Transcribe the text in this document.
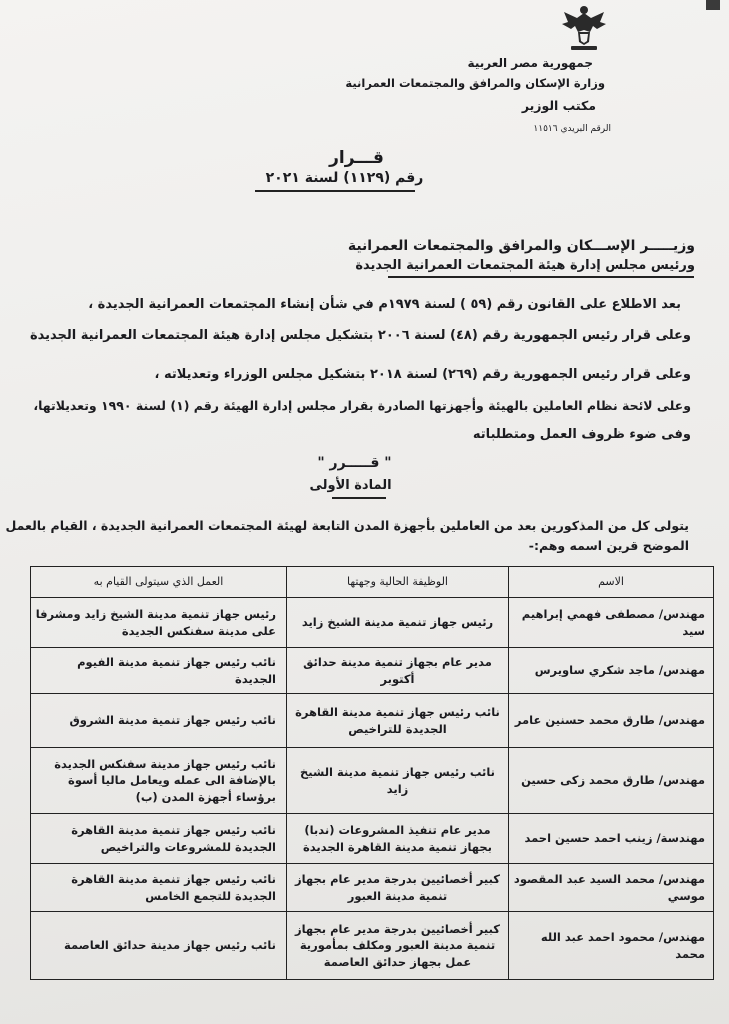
جمهورية مصر العربية
وزارة الإسكان والمرافق والمجتمعات العمرانية
مكتب الوزير
الرقم البريدي ١١٥١٦
قـــرار
رقم (١١٢٩) لسنة ٢٠٢١
وزيـــــر الإســـكان والمرافق والمجتمعات العمرانية
ورئيس مجلس إدارة هيئة المجتمعات العمرانية الجديدة
بعد الاطلاع على القانون رقم (٥٩ ) لسنة ١٩٧٩م في شأن إنشاء المجتمعات العمرانية الجديدة ،
وعلى قرار رئيس الجمهورية رقم (٤٨) لسنة ٢٠٠٦ بتشكيل مجلس إدارة هيئة المجتمعات العمرانية الجديدة
وعلى قرار رئيس الجمهورية رقم (٢٦٩) لسنة ٢٠١٨ بتشكيل مجلس الوزراء وتعديلاته ،
وعلى لائحة نظام العاملين بالهيئة وأجهزتها الصادرة بقرار مجلس إدارة الهيئة رقم (١) لسنة ١٩٩٠ وتعديلاتها،
وفى ضوء ظروف العمل ومتطلباته
" قـــــرر "
المادة الأولى
يتولى كل من المذكورين بعد من العاملين بأجهزة المدن التابعة لهيئة المجتمعات العمرانية الجديدة ، القيام بالعمل
الموضح قرين اسمه وهم:-
الاسم	الوظيفة الحالية وجهتها	العمل الذي سيتولى القيام به
مهندس/ مصطفى فهمي إبراهيم سيد	رئيس جهاز تنمية مدينة الشيخ زايد	رئيس جهاز تنمية مدينة الشيخ زايد ومشرفا على مدينة سفنكس الجديدة
مهندس/ ماجد شكري ساويرس	مدير عام بجهاز تنمية مدينة حدائق أكتوبر	نائب رئيس جهاز تنمية مدينة الفيوم الجديدة
مهندس/ طارق محمد حسنين عامر	نائب رئيس جهاز تنمية مدينة القاهرة الجديدة للتراخيص	نائب رئيس جهاز تنمية مدينة الشروق
مهندس/ طارق محمد زكى حسين	نائب رئيس جهاز تنمية مدينة الشيخ زايد	نائب رئيس جهاز مدينة سفنكس الجديدة بالإضافة الى عمله ويعامل ماليا أسوة برؤساء أجهزة المدن (ب)
مهندسة/ زينب احمد حسين احمد	مدير عام تنفيذ المشروعات (ندبا) بجهاز تنمية مدينة القاهرة الجديدة	نائب رئيس جهاز تنمية مدينة القاهرة الجديدة للمشروعات والتراخيص
مهندس/ محمد السيد عبد المقصود موسي	كبير أخصائيين بدرجة مدير عام بجهاز تنمية مدينة العبور	نائب رئيس جهاز تنمية مدينة القاهرة الجديدة للتجمع الخامس
مهندس/ محمود احمد عبد الله محمد	كبير أخصائيين بدرجة مدير عام بجهاز تنمية مدينة العبور ومكلف بمأمورية عمل بجهاز حدائق العاصمة	نائب رئيس جهاز مدينة حدائق العاصمة
